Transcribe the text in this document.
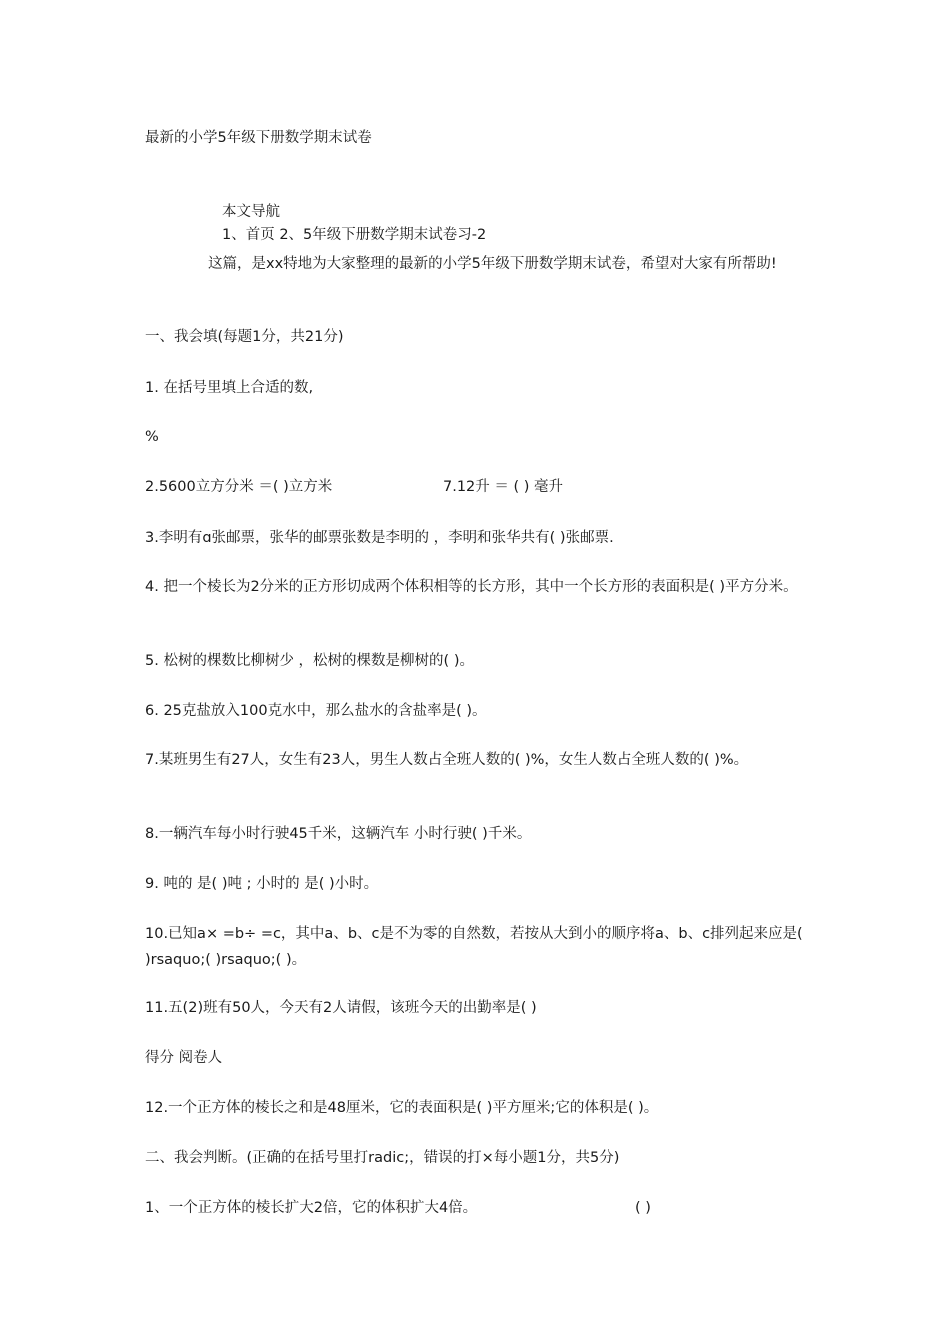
最新的小学5年级下册数学期末试卷
本文导航
1、首页 2、5年级下册数学期末试卷习-2
这篇，是xx特地为大家整理的最新的小学5年级下册数学期末试卷，希望对大家有所帮助!
一、我会填(每题1分，共21分)
1. 在括号里填上合适的数,
%
2.5600立方分米 ＝( )立方米	7.12升 ＝ ( ) 毫升
3.李明有ɑ张邮票，张华的邮票张数是李明的 ，李明和张华共有( )张邮票.
4. 把一个棱长为2分米的正方形切成两个体积相等的长方形，其中一个长方形的表面积是( )平方分米。
5. 松树的棵数比柳树少 ，松树的棵数是柳树的( )。
6. 25克盐放入100克水中，那么盐水的含盐率是( )。
7.某班男生有27人，女生有23人，男生人数占全班人数的( )%，女生人数占全班人数的( )%。
8.一辆汽车每小时行驶45千米，这辆汽车 小时行驶( )千米。
9. 吨的 是( )吨 ; 小时的 是( )小时。
10.已知a× =b÷ =c，其中a、b、c是不为零的自然数，若按从大到小的顺序将a、b、c排列起来应是( )rsaquo;( )rsaquo;( )。
11.五(2)班有50人，今天有2人请假，该班今天的出勤率是( )
得分 阅卷人
12.一个正方体的棱长之和是48厘米，它的表面积是( )平方厘米;它的体积是( )。
二、我会判断。(正确的在括号里打radic;，错误的打×每小题1分，共5分)
1、一个正方体的棱长扩大2倍，它的体积扩大4倍。	( )
